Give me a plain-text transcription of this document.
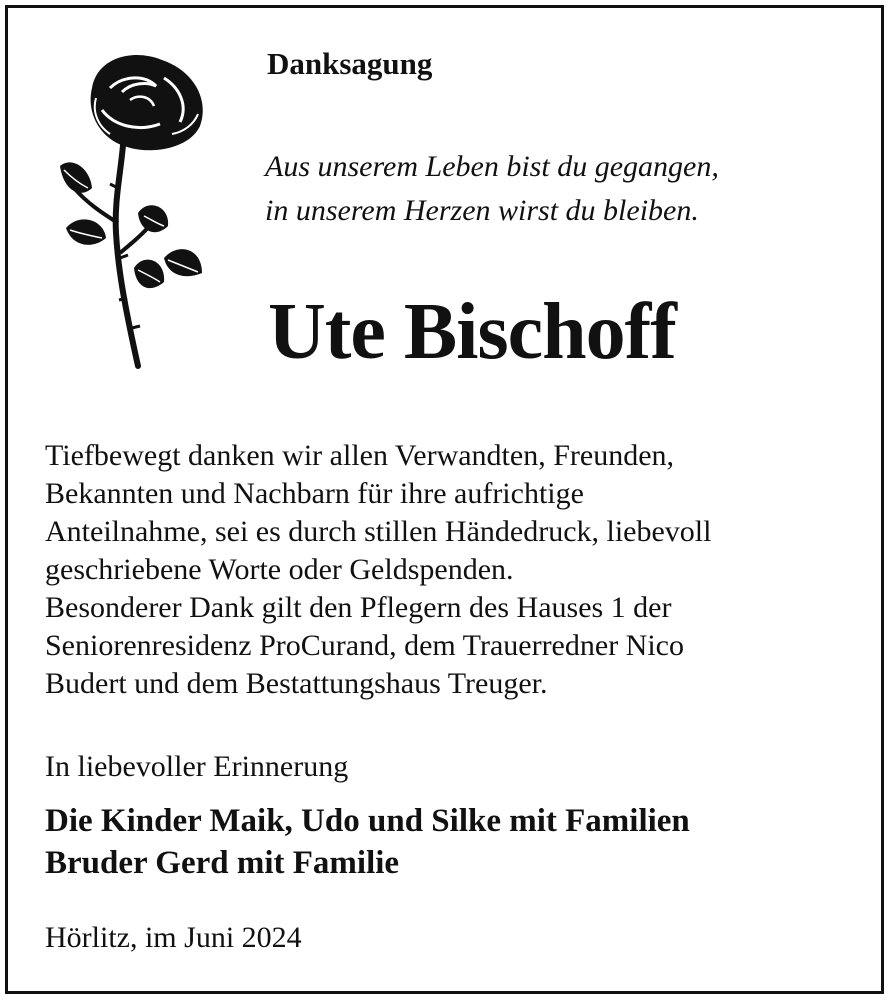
Danksagung
Aus unserem Leben bist du gegangen,
in unserem Herzen wirst du bleiben.
Ute Bischoff
Tiefbewegt danken wir allen Verwandten, Freunden,
Bekannten und Nachbarn für ihre aufrichtige
Anteilnahme, sei es durch stillen Händedruck, liebevoll
geschriebene Worte oder Geldspenden.
Besonderer Dank gilt den Pflegern des Hauses 1 der
Seniorenresidenz ProCurand, dem Trauerredner Nico
Budert und dem Bestattungshaus Treuger.
In liebevoller Erinnerung
Die Kinder Maik, Udo und Silke mit Familien
Bruder Gerd mit Familie
Hörlitz, im Juni 2024
